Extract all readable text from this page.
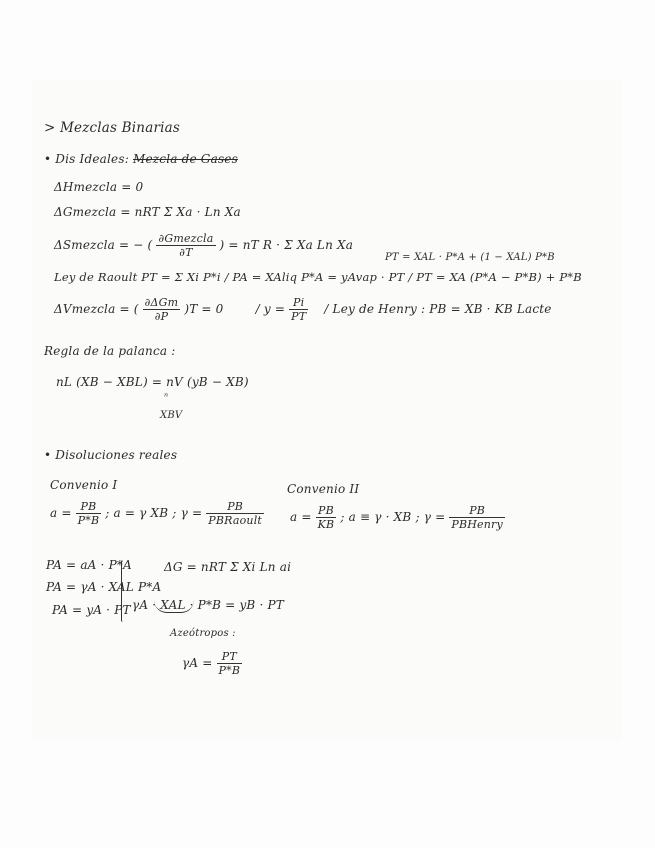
> Mezclas Binarias
• Dis Ideales: Mezcla de Gases
ΔHmezcla = 0
ΔGmezcla = nRT Σ Xa · Ln Xa
ΔSmezcla = − ( $\frac{\text{∂Gmezcla}}{\partial T}$ ) = nT R · Σ Xa Ln Xa
PT = XAL · P*A + (1 − XAL) P*B
Ley de Raoult PT = Σ Xi P*i / PA = XAliq P*A = yAvap · PT / PT = XA (P*A − P*B) + P*B
ΔVmezcla = ( $\frac{\text{∂ΔGm}}{\partial P} )T = 0$	/ $y = \frac{Pi}{PT}$ / Ley de Henry : PB = XB · KB Lacte
Regla de la palanca :
nL (XB − XBL) = nV (yB − XB)
ⁿ
XBV
• Disoluciones reales
Convenio I
$a = \frac{PB}{P*B}$ ; a = γ XB ; $\gamma = \frac{PB}{\text{PBRaoult}}$
Convenio II
$a = \frac{PB}{KB}$ ; a ≡ γ · XB ; $\gamma = \frac{PB}{\text{PBHenry}}$
PA = aA · P*A
PA = γA · XAL P*A
PA = yA · PT
ΔG = nRT Σ Xi Ln ai
γA · XAL · P*B = yB · PT
Azeótropos :
$\gamma A = \frac{PT}{P*B}$
